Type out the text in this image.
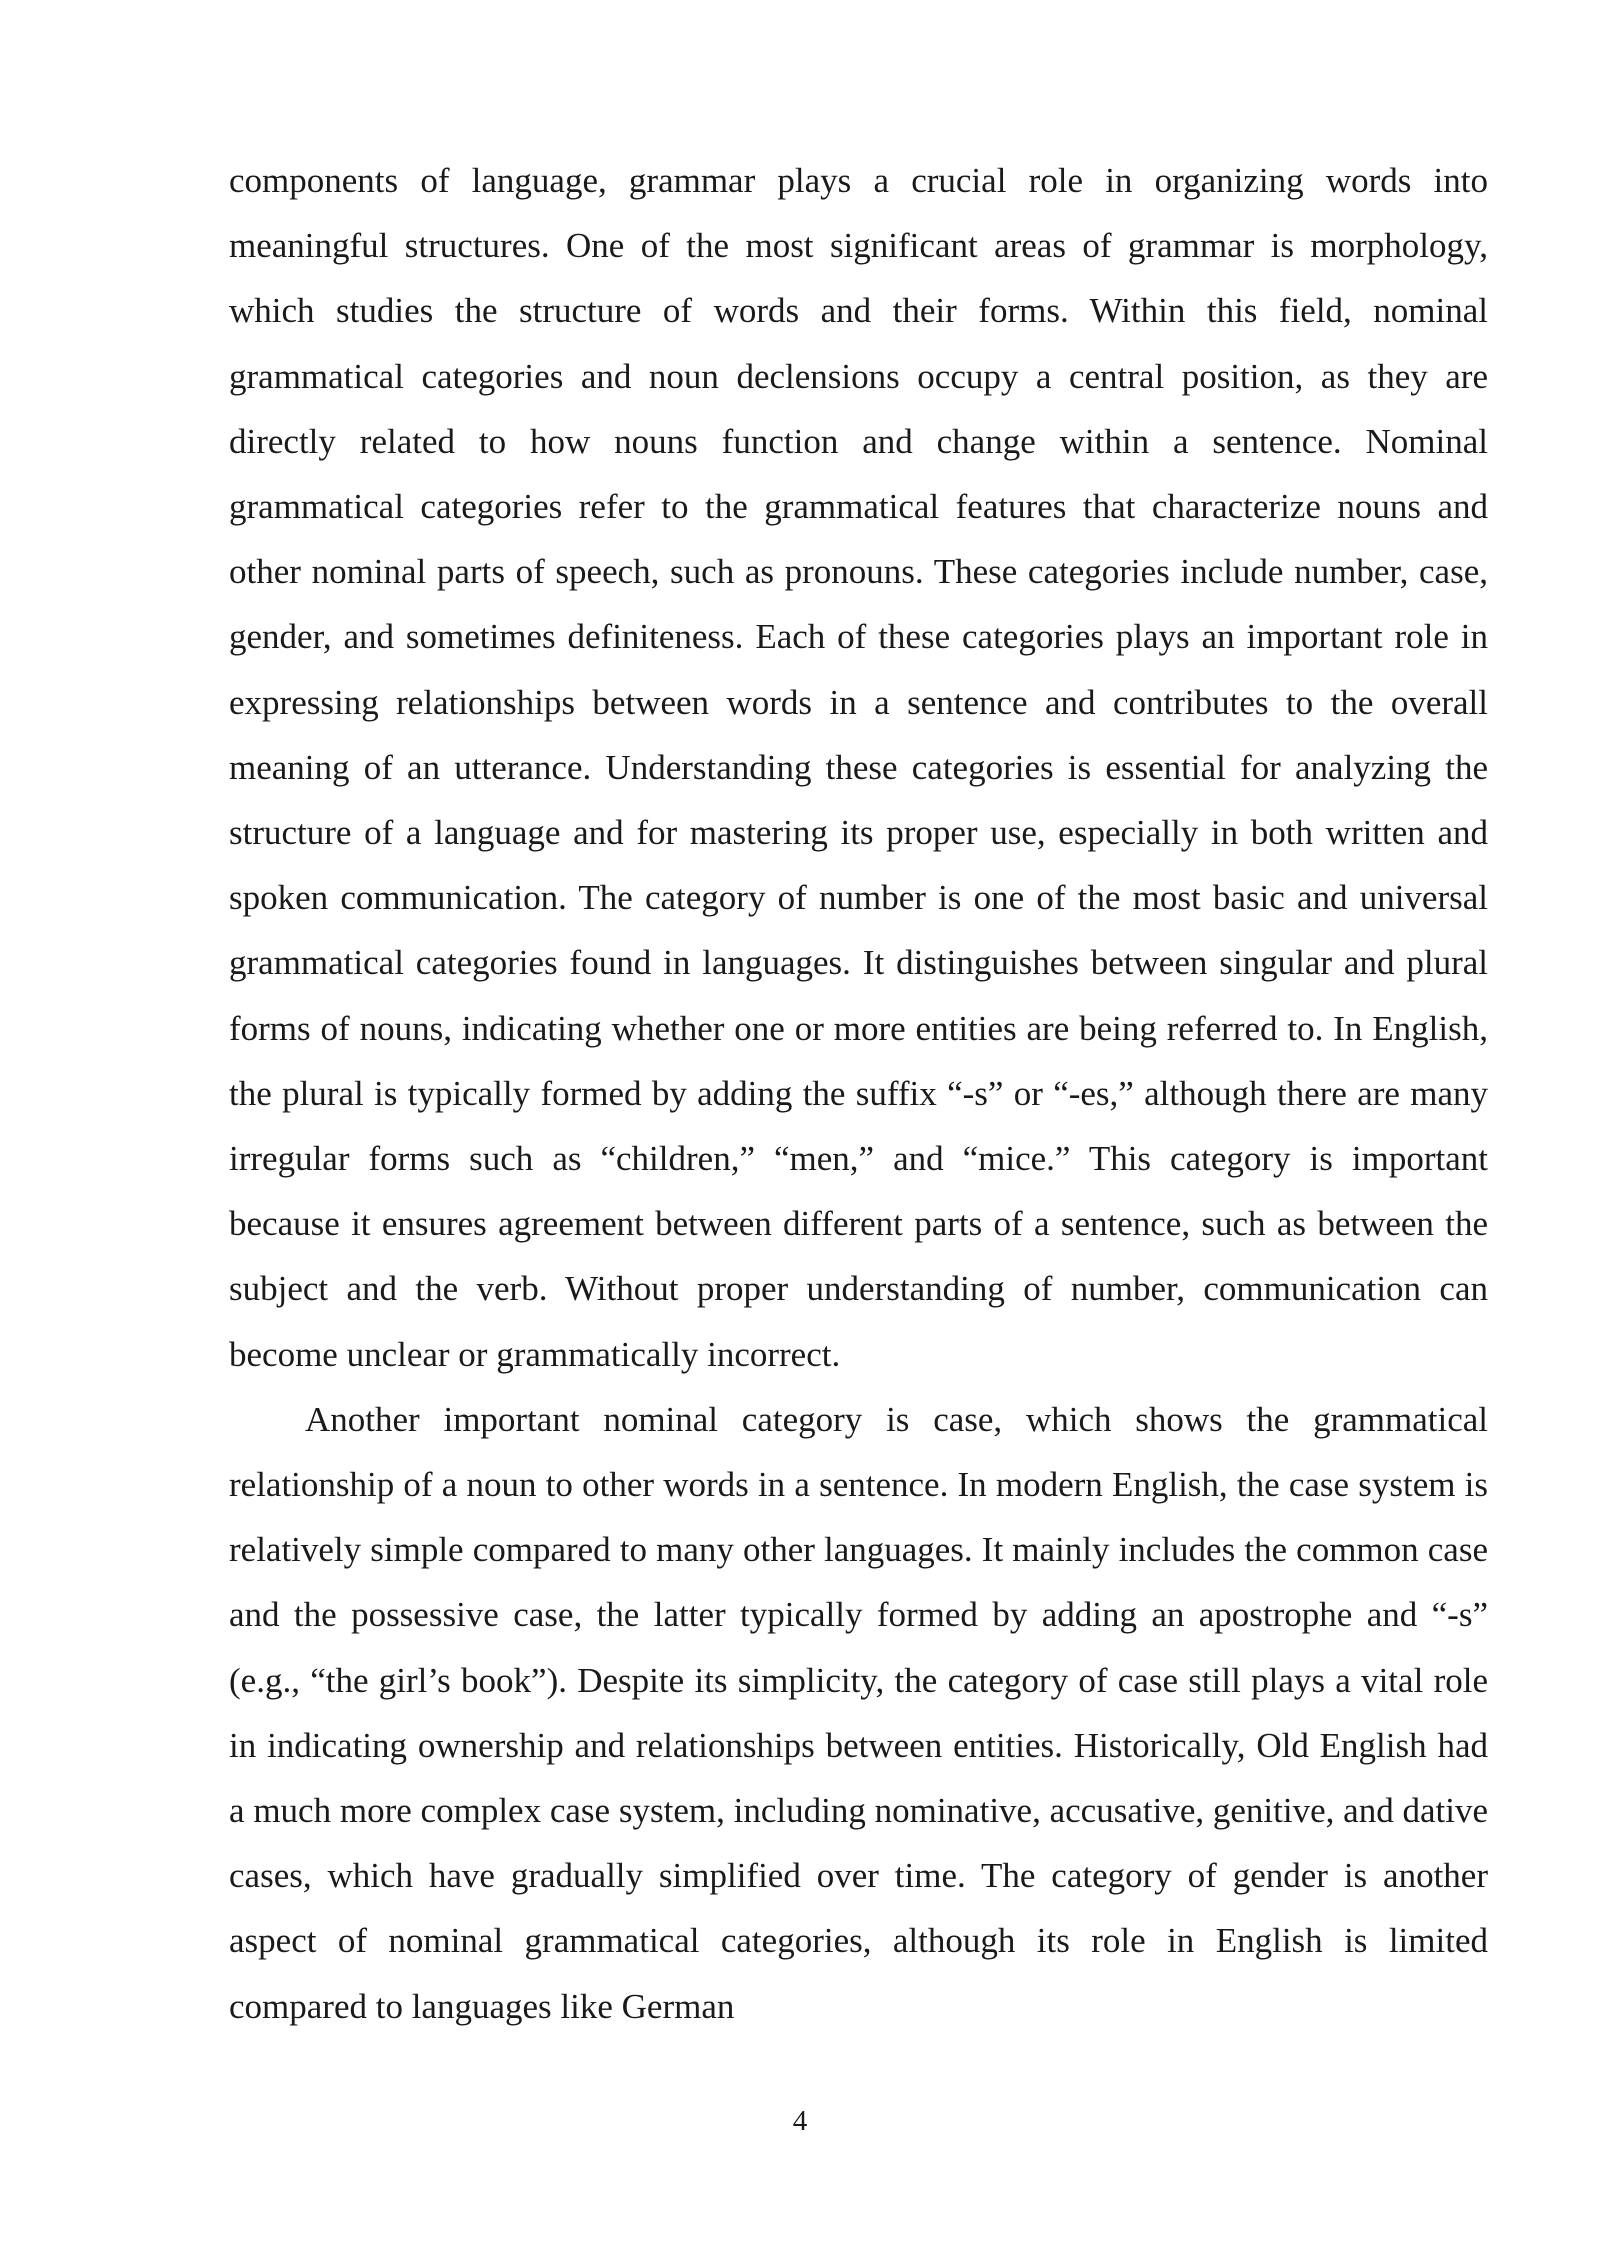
components of language, grammar plays a crucial role in organizing words into meaningful structures. One of the most significant areas of grammar is morphology, which studies the structure of words and their forms. Within this field, nominal grammatical categories and noun declensions occupy a central position, as they are directly related to how nouns function and change within a sentence. Nominal grammatical categories refer to the grammatical features that characterize nouns and other nominal parts of speech, such as pronouns. These categories include number, case, gender, and sometimes definiteness. Each of these categories plays an important role in expressing relationships between words in a sentence and contributes to the overall meaning of an utterance. Understanding these categories is essential for analyzing the structure of a language and for mastering its proper use, especially in both written and spoken communication. The category of number is one of the most basic and universal grammatical categories found in languages. It distinguishes between singular and plural forms of nouns, indicating whether one or more entities are being referred to. In English, the plural is typically formed by adding the suffix “-s” or “-es,” although there are many irregular forms such as “children,” “men,” and “mice.” This category is important because it ensures agreement between different parts of a sentence, such as between the subject and the verb. Without proper understanding of number, communication can become unclear or grammatically incorrect.

Another important nominal category is case, which shows the grammatical relationship of a noun to other words in a sentence. In modern English, the case system is relatively simple compared to many other languages. It mainly includes the common case and the possessive case, the latter typically formed by adding an apostrophe and “-s” (e.g., “the girl’s book”). Despite its simplicity, the category of case still plays a vital role in indicating ownership and relationships between entities. Historically, Old English had a much more complex case system, including nominative, accusative, genitive, and dative cases, which have gradually simplified over time. The category of gender is another aspect of nominal grammatical categories, although its role in English is limited compared to languages like German

4
